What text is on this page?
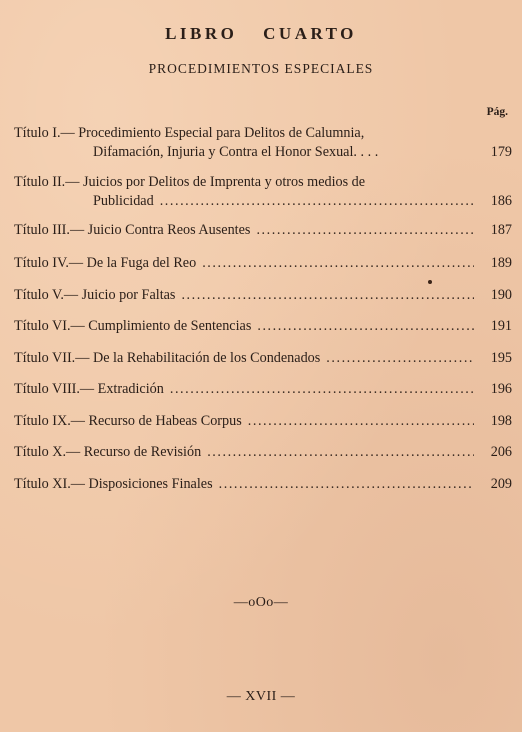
LIBRO CUARTO
PROCEDIMIENTOS ESPECIALES
Pág.
Título I.— Procedimiento Especial para Delitos de Calumnia,
Difamación, Injuria y Contra el Honor Sexual. . . .	179
Título II.— Juicios por Delitos de Imprenta y otros medios de
Publicidad . . .	186
Título III.— Juicio Contra Reos Ausentes . . .	187
Título IV.— De la Fuga del Reo . . .	189
Título V.— Juicio por Faltas . . .	190
Título VI.— Cumplimiento de Sentencias . . .	191
Título VII.— De la Rehabilitación de los Condenados . . .	195
Título VIII.— Extradición . . .	196
Título IX.— Recurso de Habeas Corpus . . .	198
Título X.— Recurso de Revisión . . .	206
Título XI.— Disposiciones Finales . . .	209
—oOo—
— XVII —
